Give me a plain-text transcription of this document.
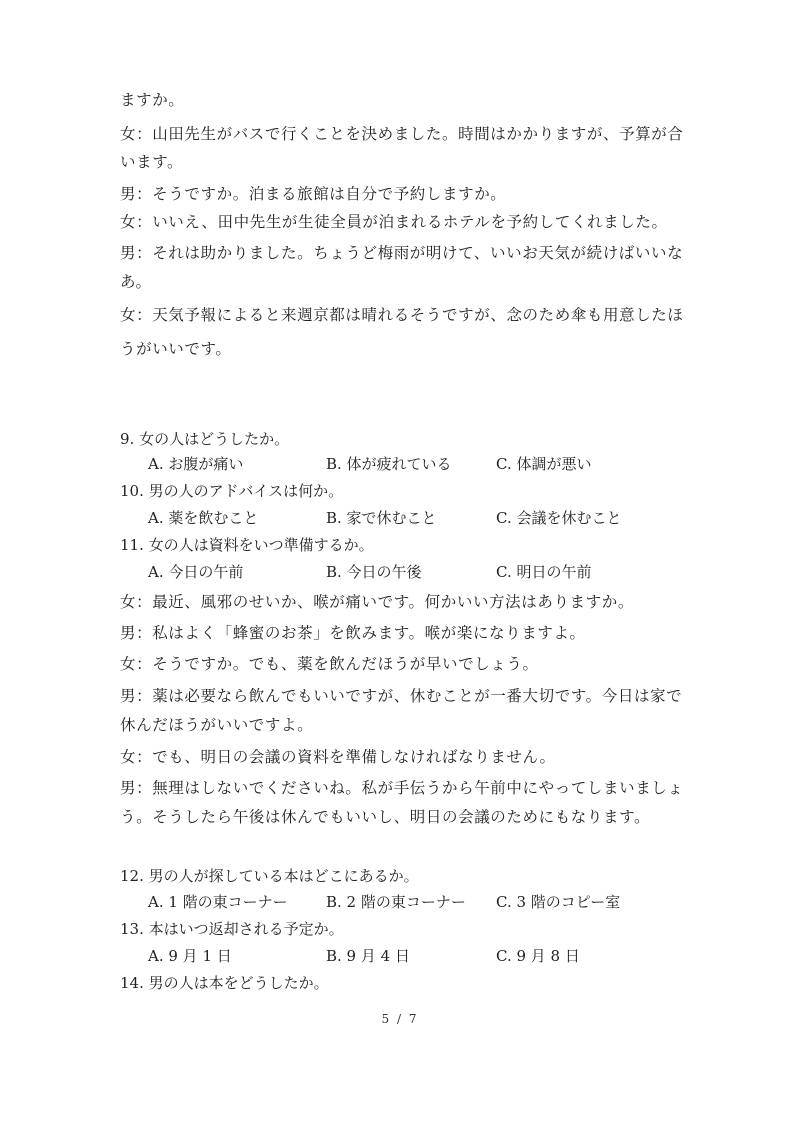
ますか。
女：山田先生がバスで行くことを決めました。時間はかかりますが、予算が合
います。
男：そうですか。泊まる旅館は自分で予約しますか。
女：いいえ、田中先生が生徒全員が泊まれるホテルを予約してくれました。
男：それは助かりました。ちょうど梅雨が明けて、いいお天気が続けばいいな
あ。
女：天気予報によると来週京都は晴れるそうですが、念のため傘も用意したほ
うがいいです。
9. 女の人はどうしたか。
A. お腹が痛い	B. 体が疲れている	C. 体調が悪い
10. 男の人のアドバイスは何か。
A. 薬を飲むこと	B. 家で休むこと	C. 会議を休むこと
11. 女の人は資料をいつ準備するか。
A. 今日の午前	B. 今日の午後	C. 明日の午前
女：最近、風邪のせいか、喉が痛いです。何かいい方法はありますか。
男：私はよく「蜂蜜のお茶」を飲みます。喉が楽になりますよ。
女：そうですか。でも、薬を飲んだほうが早いでしょう。
男：薬は必要なら飲んでもいいですが、休むことが一番大切です。今日は家で
休んだほうがいいですよ。
女：でも、明日の会議の資料を準備しなければなりません。
男：無理はしないでくださいね。私が手伝うから午前中にやってしまいましょ
う。そうしたら午後は休んでもいいし、明日の会議のためにもなります。
12. 男の人が探している本はどこにあるか。
A. 1 階の東コーナー	B. 2 階の東コーナー C. 3 階のコピー室
13. 本はいつ返却される予定か。
A. 9 月 1 日	B. 9 月 4 日	C. 9 月 8 日
14. 男の人は本をどうしたか。
5 / 7
